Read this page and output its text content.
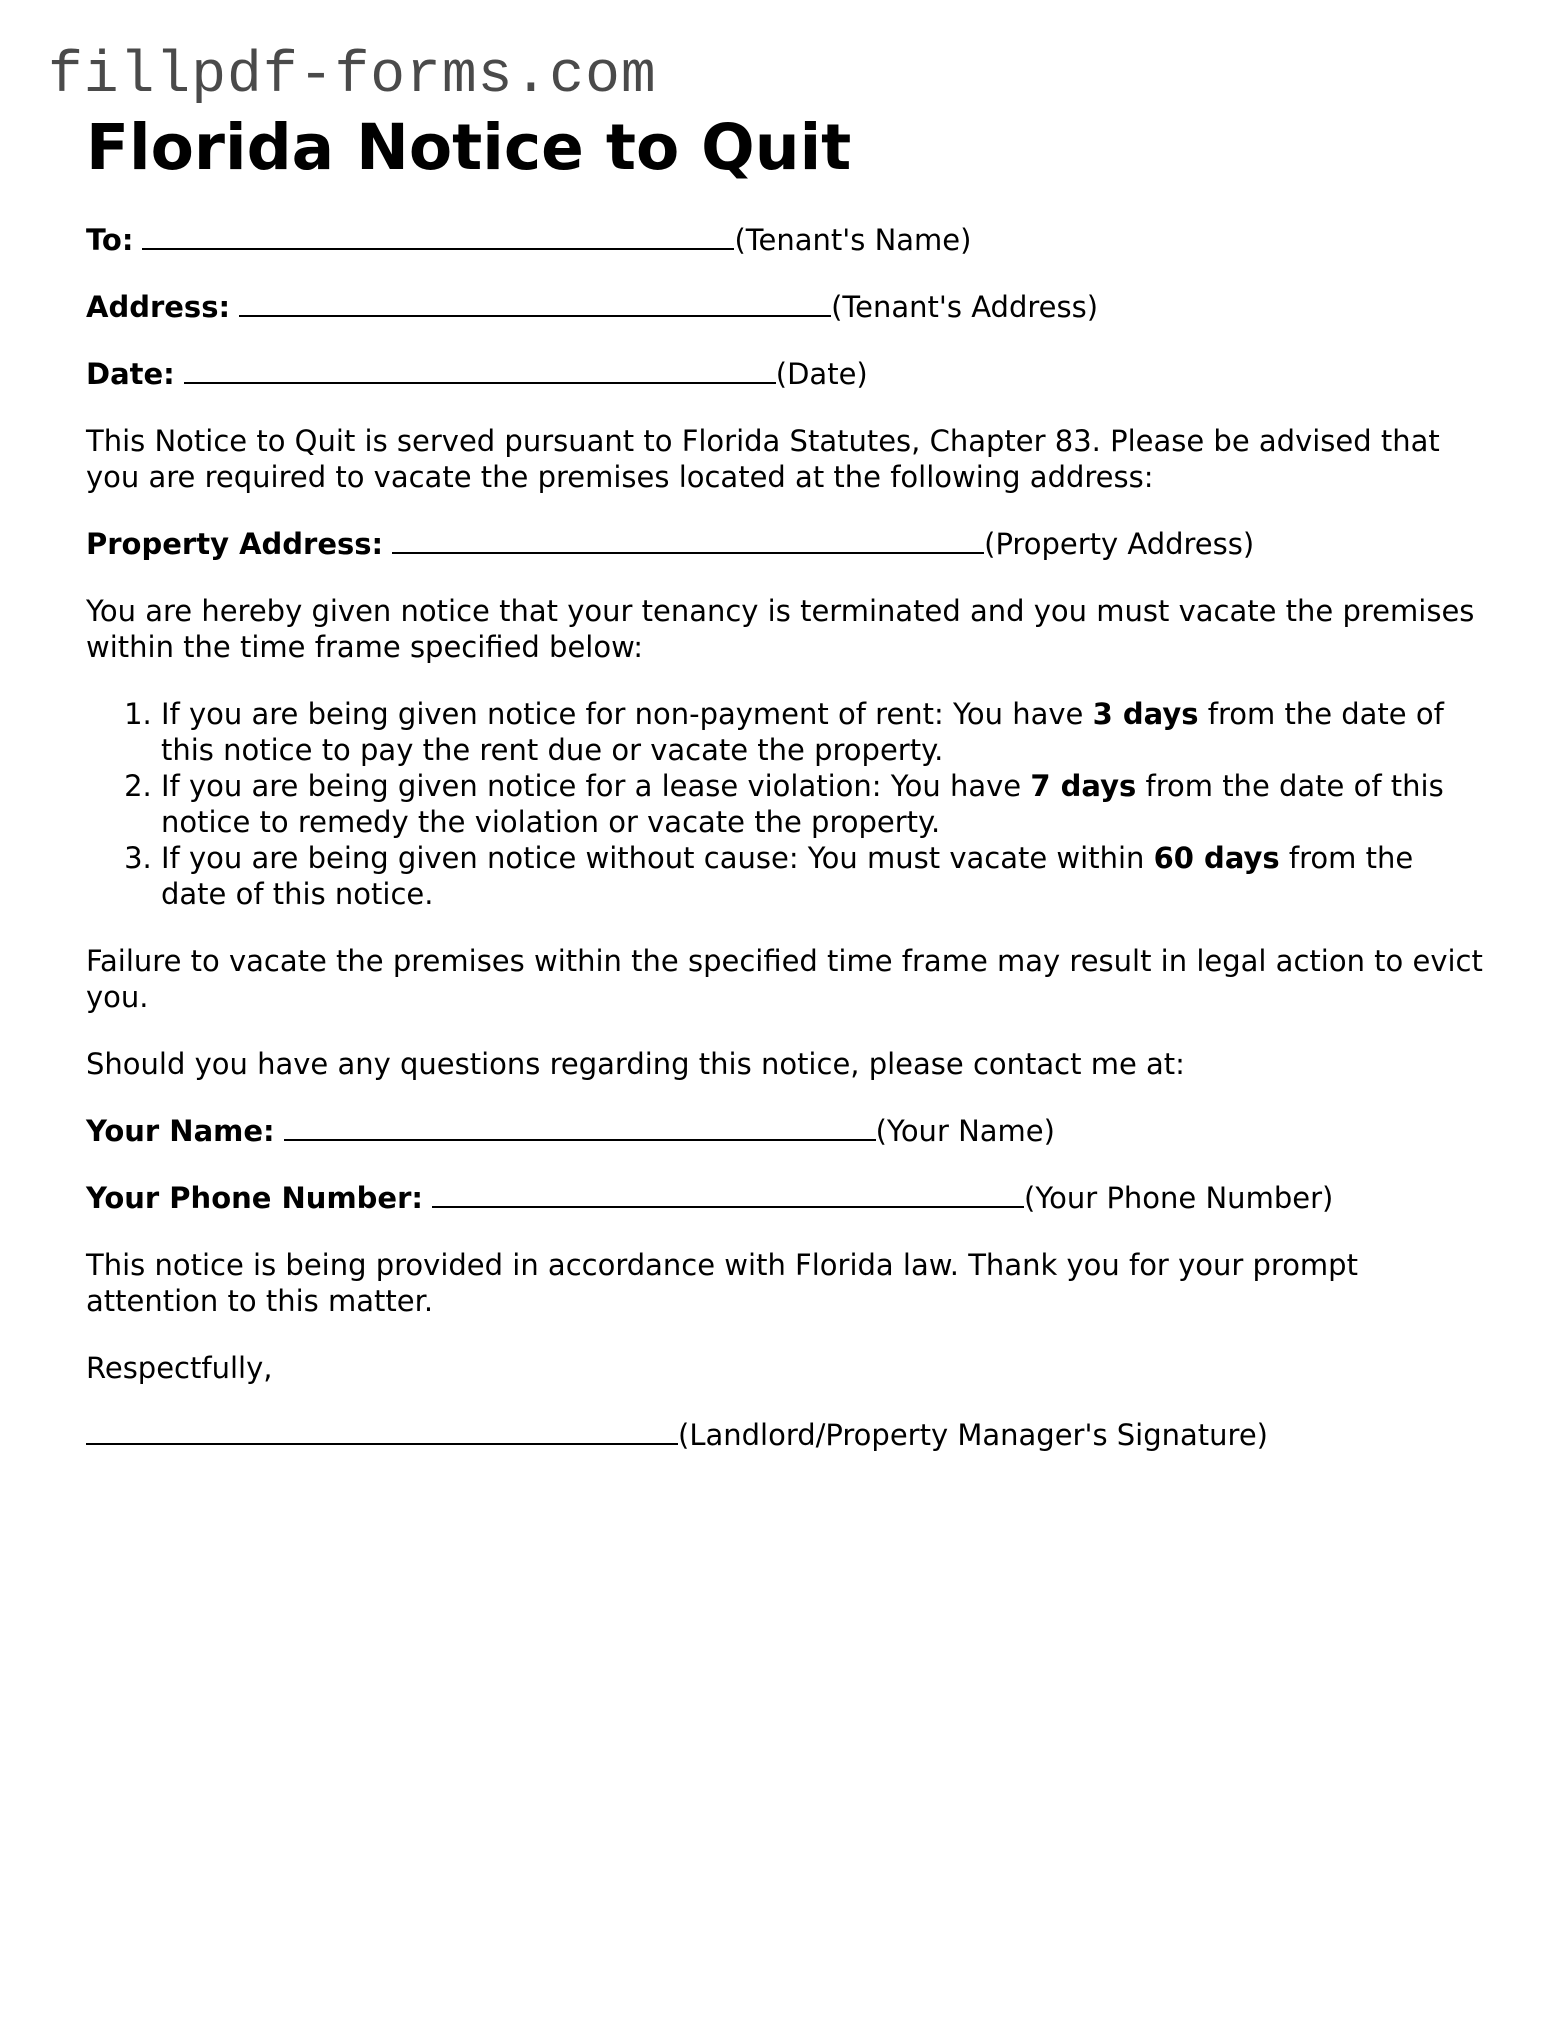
fillpdf-forms.com
Florida Notice to Quit
To:	(Tenant's Name)
Address:	(Tenant's Address)
Date:	(Date)

This Notice to Quit is served pursuant to Florida Statutes, Chapter 83. Please be advised that you are required to vacate the premises located at the following address:

Property Address:	(Property Address)

You are hereby given notice that your tenancy is terminated and you must vacate the premises within the time frame specified below:

1. If you are being given notice for non-payment of rent: You have 3 days from the date of this notice to pay the rent due or vacate the property.
2. If you are being given notice for a lease violation: You have 7 days from the date of this notice to remedy the violation or vacate the property.
3. If you are being given notice without cause: You must vacate within 60 days from the date of this notice.

Failure to vacate the premises within the specified time frame may result in legal action to evict you.

Should you have any questions regarding this notice, please contact me at:

Your Name:	(Your Name)
Your Phone Number:	(Your Phone Number)

This notice is being provided in accordance with Florida law. Thank you for your prompt attention to this matter.

Respectfully,

(Landlord/Property Manager's Signature)
